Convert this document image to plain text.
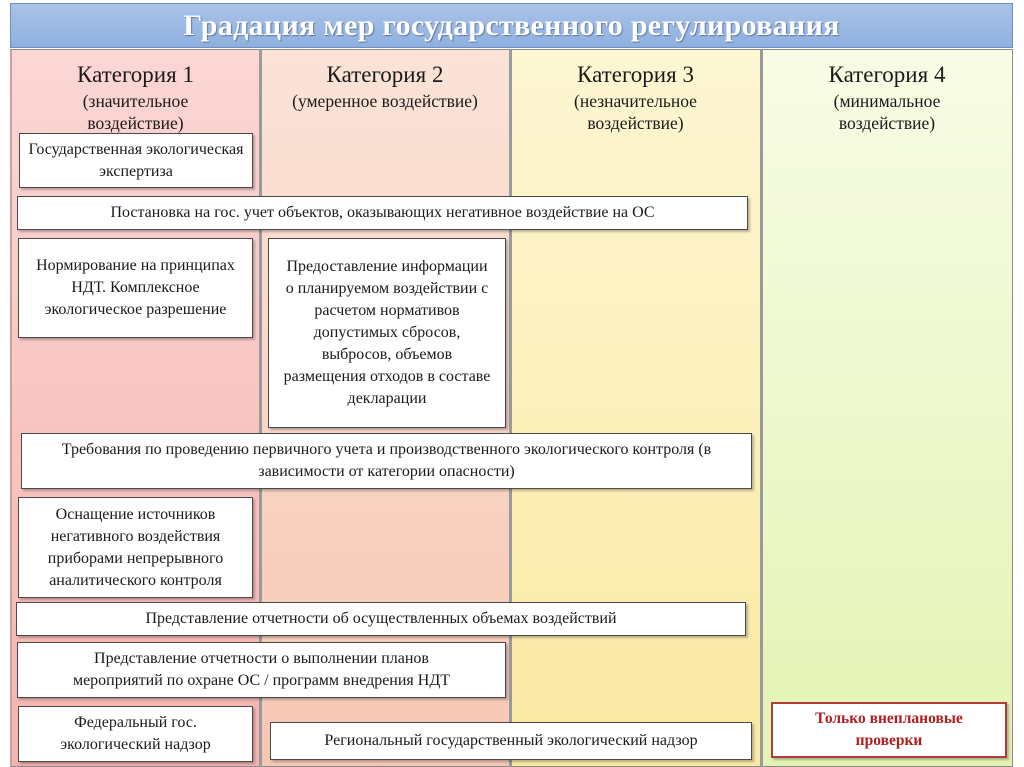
Градация мер государственного регулирования
Категория 1
(значительное воздействие)
Категория 2
(умеренное воздействие)
Категория 3
(незначительное воздействие)
Категория 4
(минимальное воздействие)
Государственная экологическая экспертиза
Постановка на гос. учет объектов, оказывающих негативное воздействие на ОС
Нормирование на принципах НДТ. Комплексное экологическое разрешение
Предоставление информации о планируемом воздействии с расчетом нормативов допустимых сбросов, выбросов, объемов размещения отходов в составе декларации
Требования по проведению первичного учета и производственного экологического контроля (в зависимости от категории опасности)
Оснащение источников негативного воздействия приборами непрерывного аналитического контроля
Представление отчетности об осуществленных объемах воздействий
Представление отчетности о выполнении планов мероприятий по охране ОС / программ внедрения НДТ
Федеральный гос. экологический надзор	Региональный государственный экологический надзор
Только внеплановые проверки
